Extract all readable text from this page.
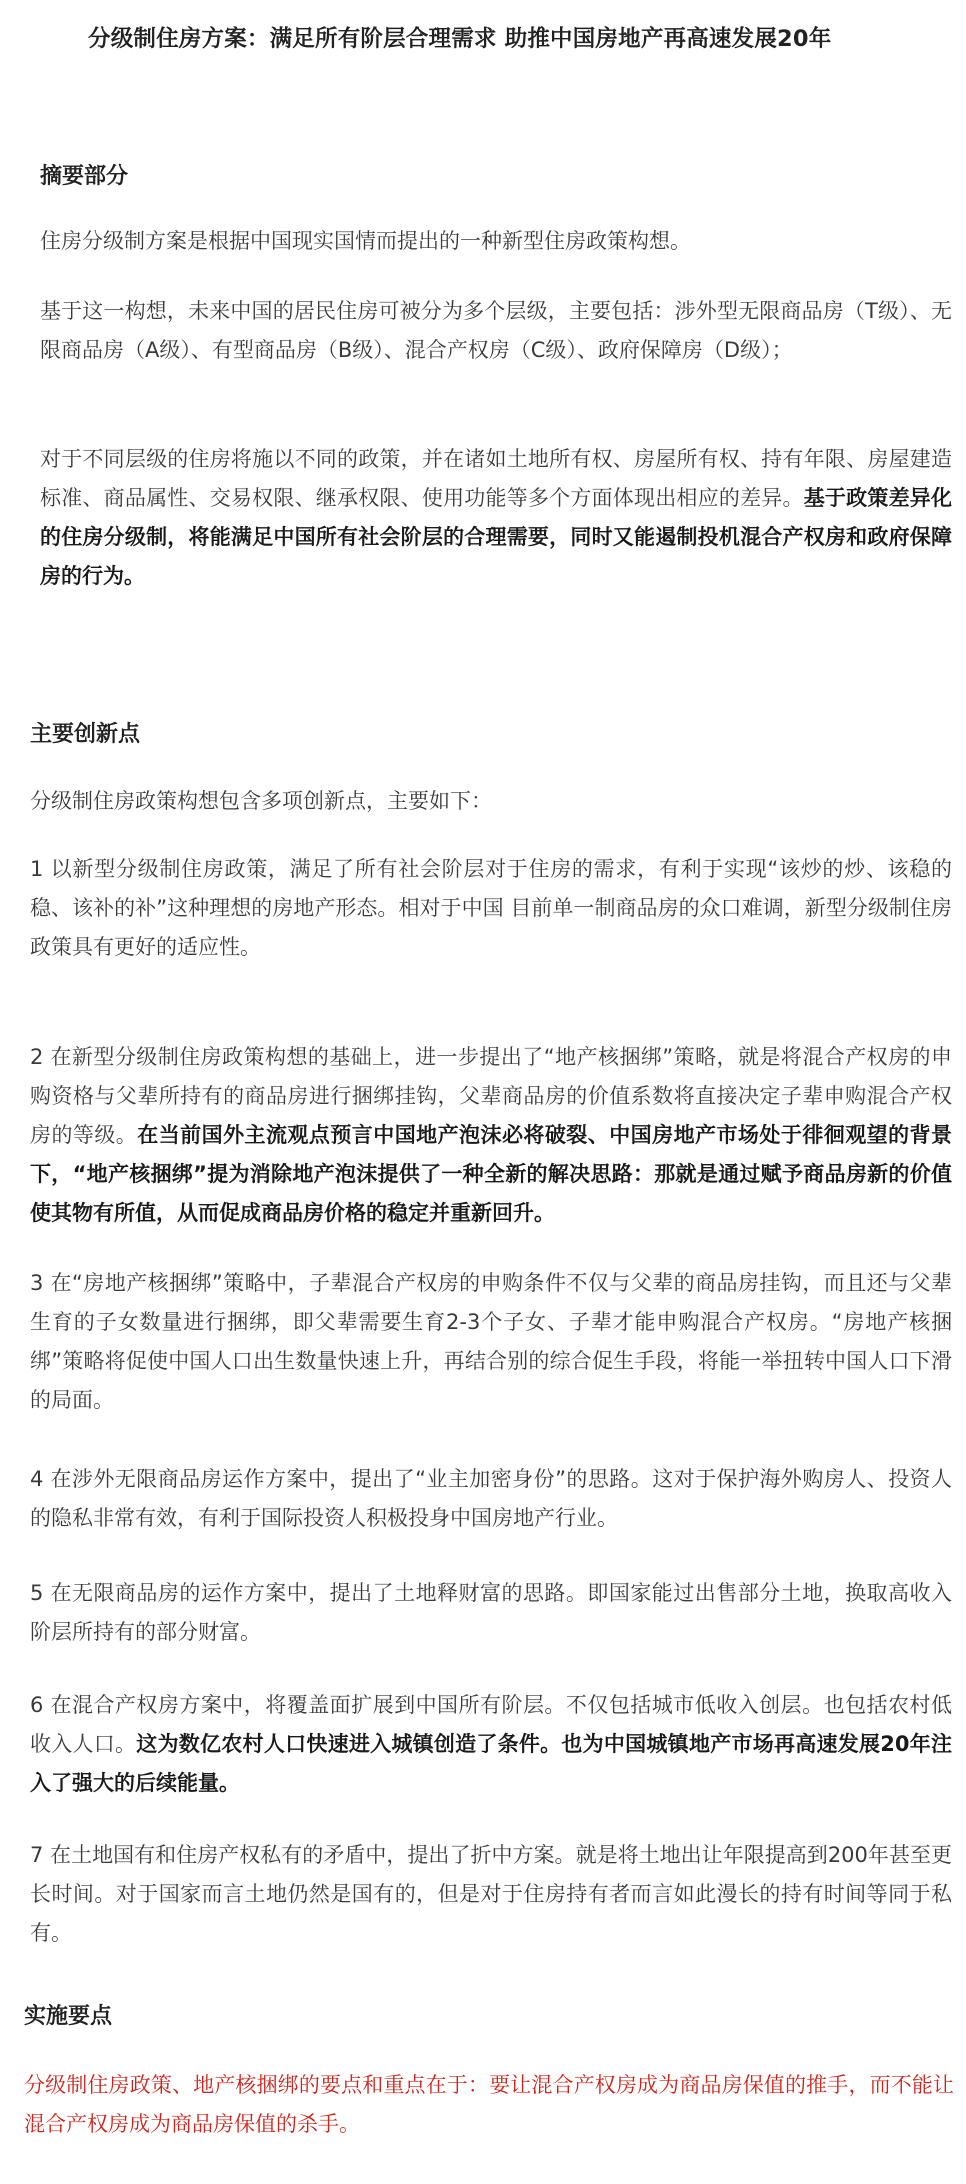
分级制住房方案：满足所有阶层合理需求 助推中国房地产再高速发展20年

摘要部分

住房分级制方案是根据中国现实国情而提出的一种新型住房政策构想。

基于这一构想，未来中国的居民住房可被分为多个层级，主要包括：涉外型无限商品房（T级）、无限商品房（A级）、有型商品房（B级）、混合产权房（C级）、政府保障房（D级）；

对于不同层级的住房将施以不同的政策，并在诸如土地所有权、房屋所有权、持有年限、房屋建造标准、商品属性、交易权限、继承权限、使用功能等多个方面体现出相应的差异。基于政策差异化的住房分级制，将能满足中国所有社会阶层的合理需要，同时又能遏制投机混合产权房和政府保障房的行为。

主要创新点

分级制住房政策构想包含多项创新点，主要如下：

1 以新型分级制住房政策，满足了所有社会阶层对于住房的需求，有利于实现“该炒的炒、该稳的稳、该补的补”这种理想的房地产形态。相对于中国 目前单一制商品房的众口难调，新型分级制住房政策具有更好的适应性。

2 在新型分级制住房政策构想的基础上，进一步提出了“地产核捆绑”策略，就是将混合产权房的申购资格与父辈所持有的商品房进行捆绑挂钩，父辈商品房的价值系数将直接决定子辈申购混合产权房的等级。在当前国外主流观点预言中国地产泡沫必将破裂、中国房地产市场处于徘徊观望的背景下，“地产核捆绑”提为消除地产泡沫提供了一种全新的解决思路：那就是通过赋予商品房新的价值使其物有所值，从而促成商品房价格的稳定并重新回升。

3 在“房地产核捆绑”策略中，子辈混合产权房的申购条件不仅与父辈的商品房挂钩，而且还与父辈生育的子女数量进行捆绑，即父辈需要生育2-3个子女、子辈才能申购混合产权房。“房地产核捆绑”策略将促使中国人口出生数量快速上升，再结合别的综合促生手段，将能一举扭转中国人口下滑的局面。

4 在涉外无限商品房运作方案中，提出了“业主加密身份”的思路。这对于保护海外购房人、投资人的隐私非常有效，有利于国际投资人积极投身中国房地产行业。

5 在无限商品房的运作方案中，提出了土地释财富的思路。即国家能过出售部分土地，换取高收入阶层所持有的部分财富。

6 在混合产权房方案中，将覆盖面扩展到中国所有阶层。不仅包括城市低收入创层。也包括农村低收入人口。这为数亿农村人口快速进入城镇创造了条件。也为中国城镇地产市场再高速发展20年注入了强大的后续能量。

7 在土地国有和住房产权私有的矛盾中，提出了折中方案。就是将土地出让年限提高到200年甚至更长时间。对于国家而言土地仍然是国有的，但是对于住房持有者而言如此漫长的持有时间等同于私有。

实施要点

分级制住房政策、地产核捆绑的要点和重点在于：要让混合产权房成为商品房保值的推手，而不能让混合产权房成为商品房保值的杀手。
